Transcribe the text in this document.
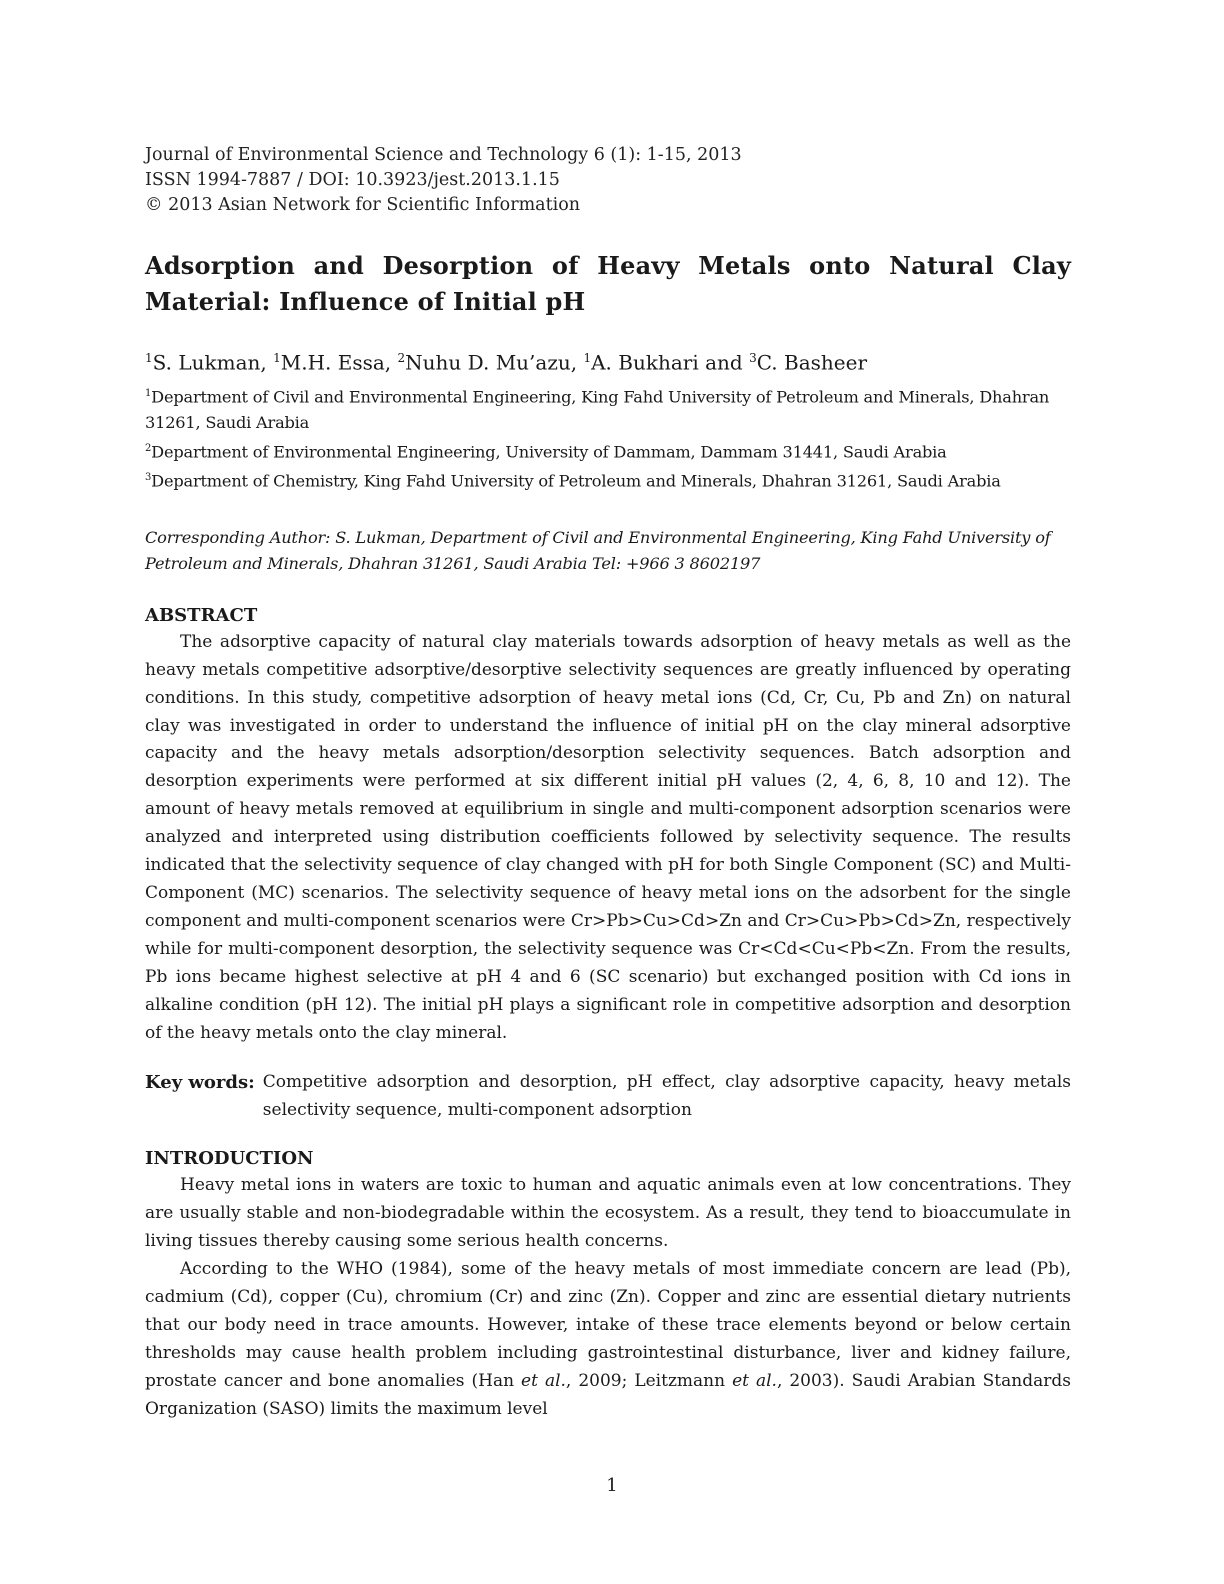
Journal of Environmental Science and Technology 6 (1): 1-15, 2013
ISSN 1994-7887 / DOI: 10.3923/jest.2013.1.15
© 2013 Asian Network for Scientific Information
Adsorption and Desorption of Heavy Metals onto Natural Clay Material: Influence of Initial pH
$^1$S. Lukman, $^1$M.H. Essa, $^2$Nuhu D. Mu’azu, $^1$A. Bukhari and $^3$C. Basheer
$^1$Department of Civil and Environmental Engineering, King Fahd University of Petroleum and Minerals, Dhahran 31261, Saudi Arabia
$^2$Department of Environmental Engineering, University of Dammam, Dammam 31441, Saudi Arabia
$^3$Department of Chemistry, King Fahd University of Petroleum and Minerals, Dhahran 31261, Saudi Arabia
Corresponding Author: S. Lukman, Department of Civil and Environmental Engineering, King Fahd University of Petroleum and Minerals, Dhahran 31261, Saudi Arabia Tel: +966 3 8602197
ABSTRACT

The adsorptive capacity of natural clay materials towards adsorption of heavy metals as well as the heavy metals competitive adsorptive/desorptive selectivity sequences are greatly influenced by operating conditions. In this study, competitive adsorption of heavy metal ions (Cd, Cr, Cu, Pb and Zn) on natural clay was investigated in order to understand the influence of initial pH on the clay mineral adsorptive capacity and the heavy metals adsorption/desorption selectivity sequences. Batch adsorption and desorption experiments were performed at six different initial pH values (2, 4, 6, 8, 10 and 12). The amount of heavy metals removed at equilibrium in single and multi-component adsorption scenarios were analyzed and interpreted using distribution coefficients followed by selectivity sequence. The results indicated that the selectivity sequence of clay changed with pH for both Single Component (SC) and Multi-Component (MC) scenarios. The selectivity sequence of heavy metal ions on the adsorbent for the single component and multi-component scenarios were Cr>Pb>Cu>Cd>Zn and Cr>Cu>Pb>Cd>Zn, respectively while for multi-component desorption, the selectivity sequence was Cr<Cd<Cu<Pb<Zn. From the results, Pb ions became highest selective at pH 4 and 6 (SC scenario) but exchanged position with Cd ions in alkaline condition (pH 12). The initial pH plays a significant role in competitive adsorption and desorption of the heavy metals onto the clay mineral.

Key words: Competitive adsorption and desorption, pH effect, clay adsorptive capacity, heavy metals selectivity sequence, multi-component adsorption
INTRODUCTION

Heavy metal ions in waters are toxic to human and aquatic animals even at low concentrations. They are usually stable and non-biodegradable within the ecosystem. As a result, they tend to bioaccumulate in living tissues thereby causing some serious health concerns.

According to the WHO (1984), some of the heavy metals of most immediate concern are lead (Pb), cadmium (Cd), copper (Cu), chromium (Cr) and zinc (Zn). Copper and zinc are essential dietary nutrients that our body need in trace amounts. However, intake of these trace elements beyond or below certain thresholds may cause health problem including gastrointestinal disturbance, liver and kidney failure, prostate cancer and bone anomalies (Han et al., 2009; Leitzmann et al., 2003). Saudi Arabian Standards Organization (SASO) limits the maximum level

1
